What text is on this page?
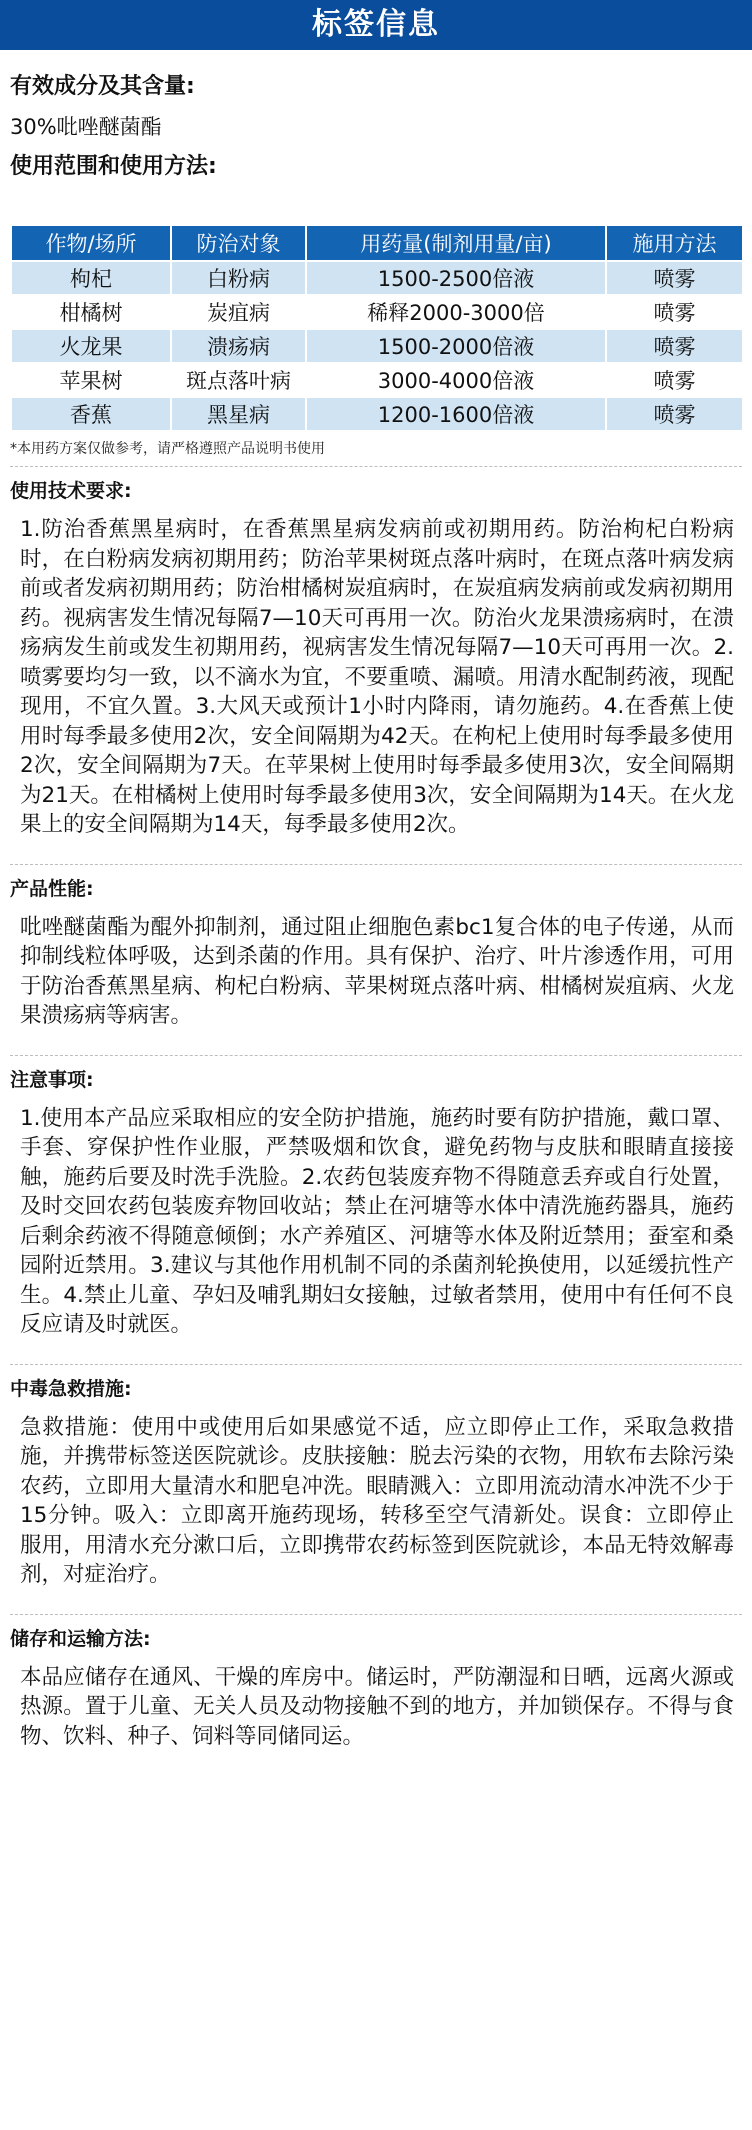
标签信息
有效成分及其含量:
30%吡唑醚菌酯
使用范围和使用方法:
作物/场所	防治对象	用药量(制剂用量/亩)	施用方法
枸杞	白粉病	1500-2500倍液	喷雾
柑橘树	炭疽病	稀释2000-3000倍	喷雾
火龙果	溃疡病	1500-2000倍液	喷雾
苹果树	斑点落叶病	3000-4000倍液	喷雾
香蕉	黑星病	1200-1600倍液	喷雾
*本用药方案仅做参考，请严格遵照产品说明书使用
使用技术要求:
1.防治香蕉黑星病时，在香蕉黑星病发病前或初期用药。防治枸杞白粉病时，在白粉病发病初期用药；防治苹果树斑点落叶病时，在斑点落叶病发病前或者发病初期用药；防治柑橘树炭疽病时，在炭疽病发病前或发病初期用药。视病害发生情况每隔7—10天可再用一次。防治火龙果溃疡病时，在溃疡病发生前或发生初期用药，视病害发生情况每隔7—10天可再用一次。2.喷雾要均匀一致，以不滴水为宜，不要重喷、漏喷。用清水配制药液，现配现用，不宜久置。3.大风天或预计1小时内降雨，请勿施药。4.在香蕉上使用时每季最多使用2次，安全间隔期为42天。在枸杞上使用时每季最多使用2次，安全间隔期为7天。在苹果树上使用时每季最多使用3次，安全间隔期为21天。在柑橘树上使用时每季最多使用3次，安全间隔期为14天。在火龙果上的安全间隔期为14天，每季最多使用2次。
产品性能:
吡唑醚菌酯为醌外抑制剂，通过阻止细胞色素bc1复合体的电子传递，从而抑制线粒体呼吸，达到杀菌的作用。具有保护、治疗、叶片渗透作用，可用于防治香蕉黑星病、枸杞白粉病、苹果树斑点落叶病、柑橘树炭疽病、火龙果溃疡病等病害。
注意事项:
1.使用本产品应采取相应的安全防护措施，施药时要有防护措施，戴口罩、手套、穿保护性作业服，严禁吸烟和饮食，避免药物与皮肤和眼睛直接接触，施药后要及时洗手洗脸。2.农药包装废弃物不得随意丢弃或自行处置，及时交回农药包装废弃物回收站；禁止在河塘等水体中清洗施药器具，施药后剩余药液不得随意倾倒；水产养殖区、河塘等水体及附近禁用；蚕室和桑园附近禁用。3.建议与其他作用机制不同的杀菌剂轮换使用，以延缓抗性产生。4.禁止儿童、孕妇及哺乳期妇女接触，过敏者禁用，使用中有任何不良反应请及时就医。
中毒急救措施:
急救措施：使用中或使用后如果感觉不适，应立即停止工作，采取急救措施，并携带标签送医院就诊。皮肤接触：脱去污染的衣物，用软布去除污染农药，立即用大量清水和肥皂冲洗。眼睛溅入：立即用流动清水冲洗不少于15分钟。吸入：立即离开施药现场，转移至空气清新处。误食：立即停止服用，用清水充分漱口后，立即携带农药标签到医院就诊，本品无特效解毒剂，对症治疗。
储存和运输方法:
本品应储存在通风、干燥的库房中。储运时，严防潮湿和日晒，远离火源或热源。置于儿童、无关人员及动物接触不到的地方，并加锁保存。不得与食物、饮料、种子、饲料等同储同运。
